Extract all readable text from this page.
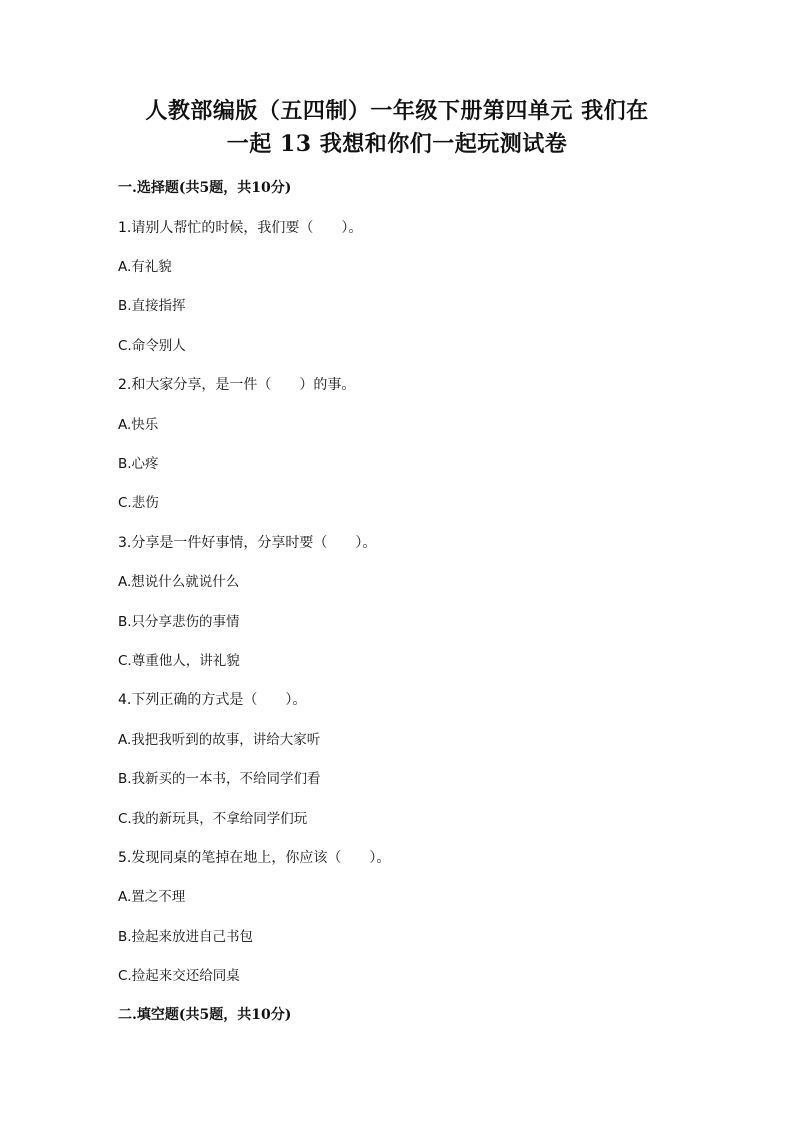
人教部编版（五四制）一年级下册第四单元 我们在
一起 13 我想和你们一起玩测试卷
一.选择题(共5题，共10分)
1.请别人帮忙的时候，我们要（　　）。
A.有礼貌
B.直接指挥
C.命令别人
2.和大家分享，是一件（　　）的事。
A.快乐
B.心疼
C.悲伤
3.分享是一件好事情，分享时要（　　）。
A.想说什么就说什么
B.只分享悲伤的事情
C.尊重他人，讲礼貌
4.下列正确的方式是（　　）。
A.我把我听到的故事，讲给大家听
B.我新买的一本书，不给同学们看
C.我的新玩具，不拿给同学们玩
5.发现同桌的笔掉在地上，你应该（　　）。
A.置之不理
B.捡起来放进自己书包
C.捡起来交还给同桌
二.填空题(共5题，共10分)
